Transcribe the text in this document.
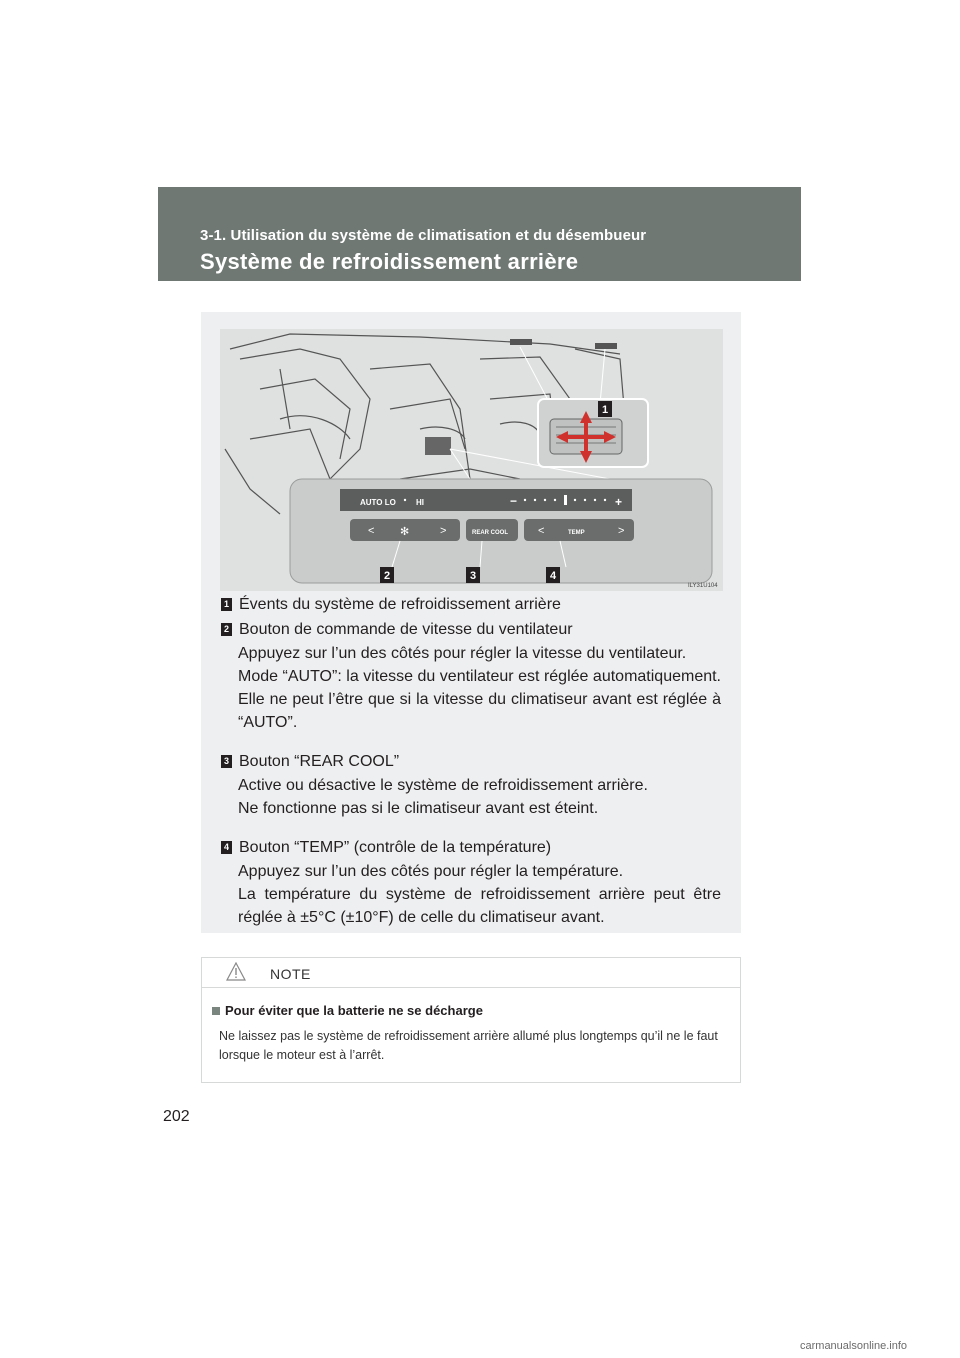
3-1. Utilisation du système de climatisation et du désembueur
Système de refroidissement arrière
1
AUTO LO	HI	−	+
< ✻	>	REAR COOL	<	TEMP	>
2	3	4
ILY31U104
1 Évents du système de refroidissement arrière
2 Bouton de commande de vitesse du ventilateur
Appuyez sur l’un des côtés pour régler la vitesse du ventilateur.
Mode “AUTO”: la vitesse du ventilateur est réglée automatiquement. Elle ne peut l’être que si la vitesse du climatiseur avant est réglée à “AUTO”.
3 Bouton “REAR COOL”
Active ou désactive le système de refroidissement arrière.
Ne fonctionne pas si le climatiseur avant est éteint.
4 Bouton “TEMP” (contrôle de la température)
Appuyez sur l’un des côtés pour régler la température.
La température du système de refroidissement arrière peut être réglée à ±5°C (±10°F) de celle du climatiseur avant.
NOTE
Pour éviter que la batterie ne se décharge
Ne laissez pas le système de refroidissement arrière allumé plus longtemps qu’il ne le faut lorsque le moteur est à l’arrêt.
202
carmanualsonline.info
